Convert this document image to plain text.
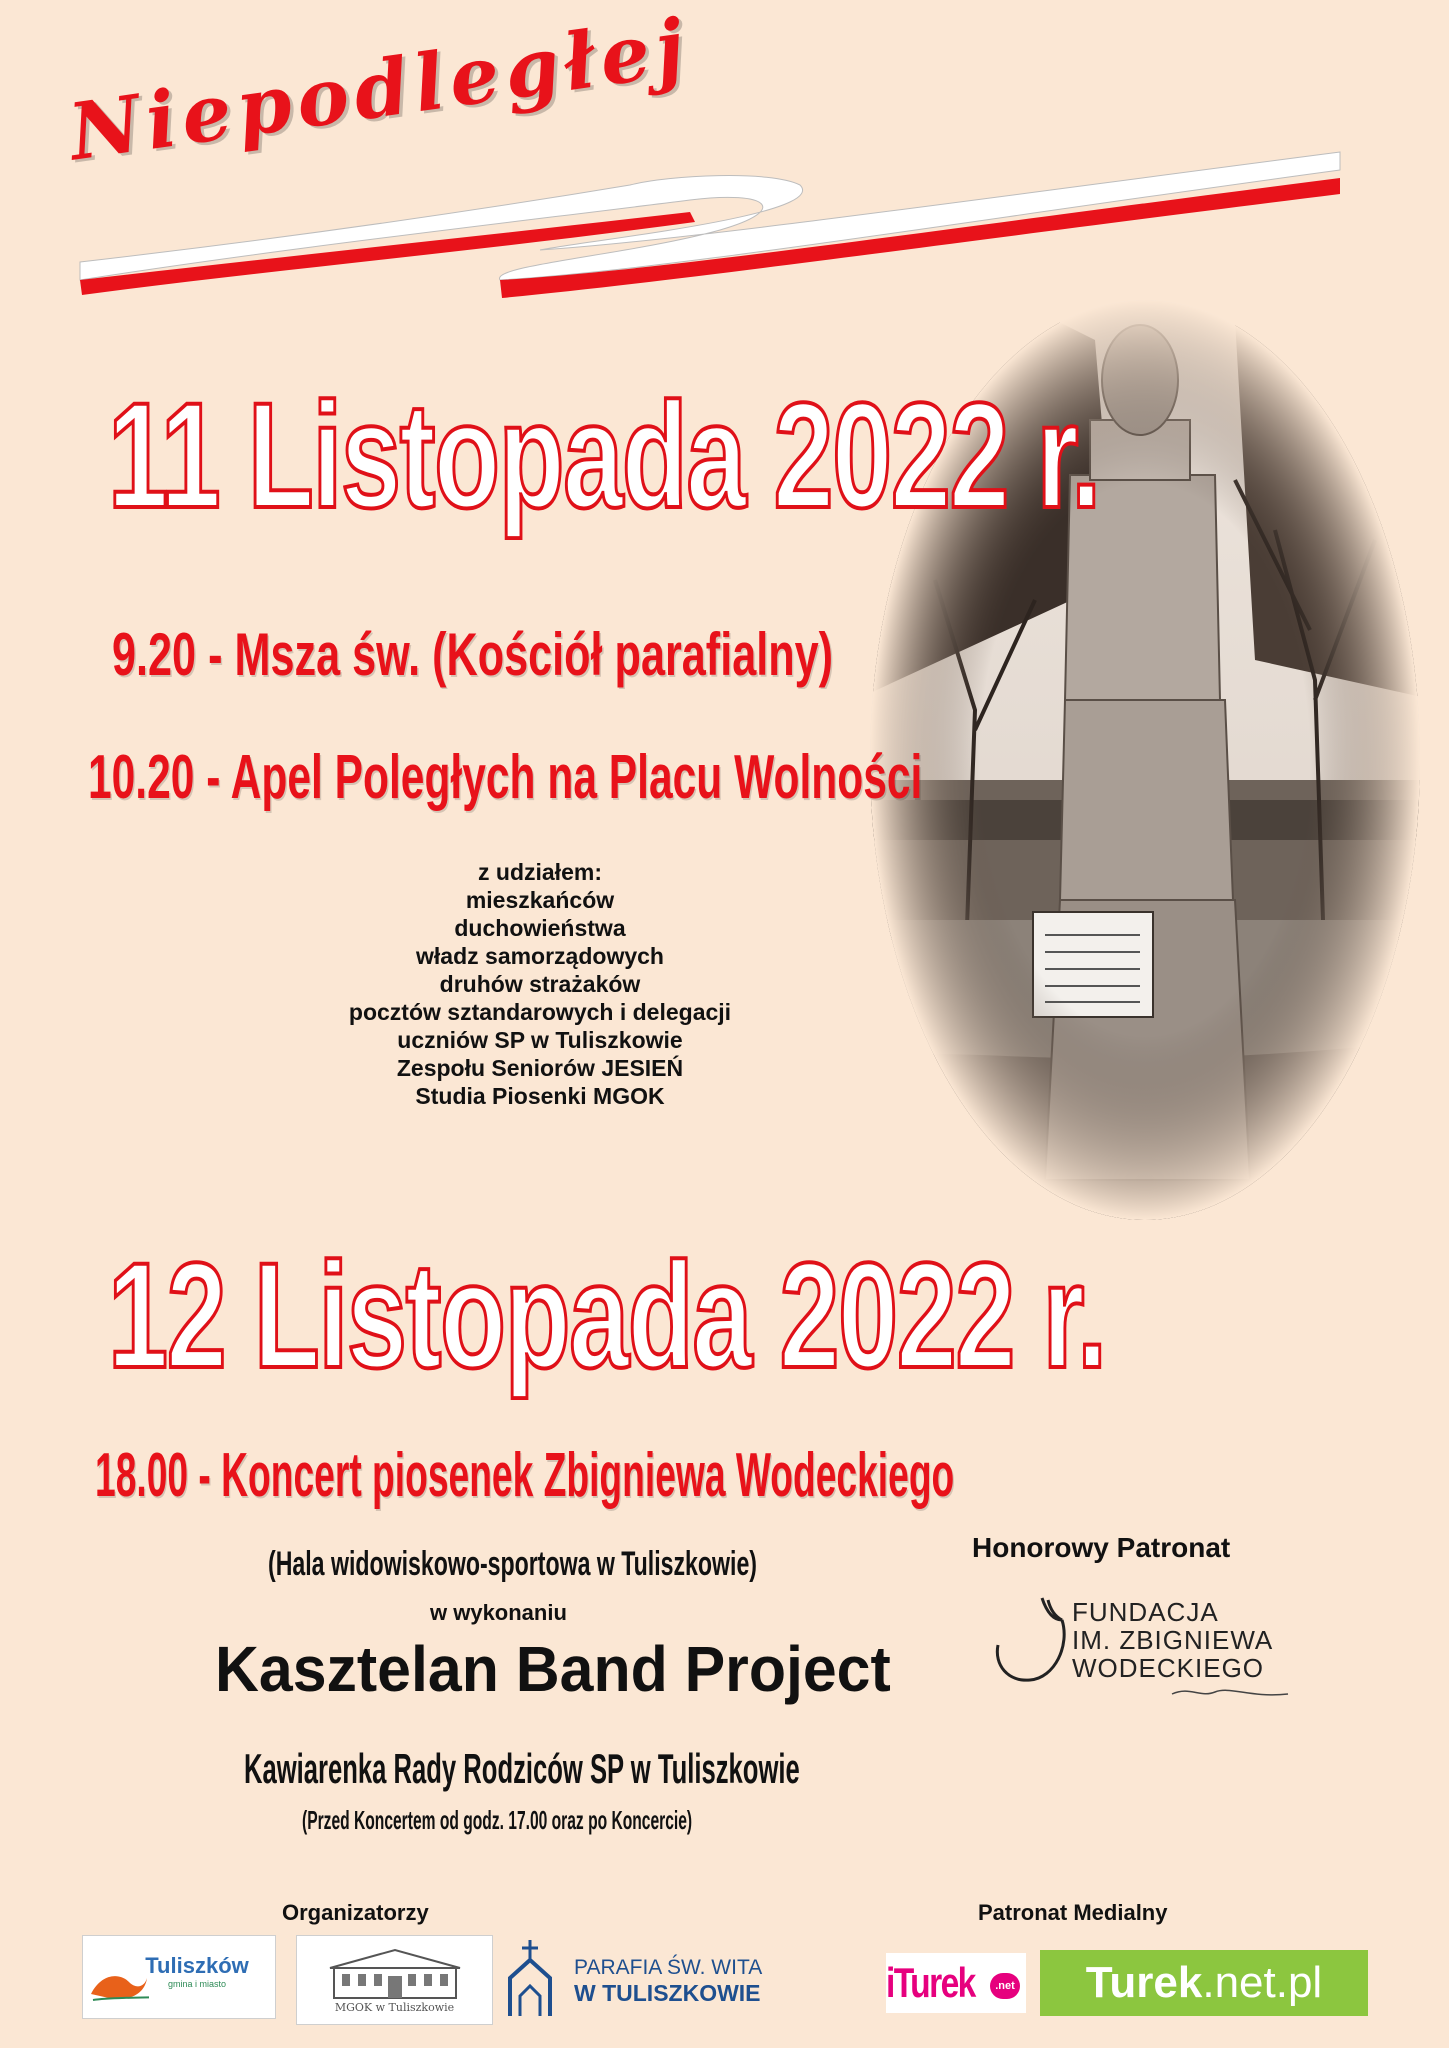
Niepodległej
11 Listopada 2022 r.
9.20 - Msza św. (Kościół parafialny)
10.20 - Apel Poległych na Placu Wolności
z udziałem:
mieszkańców
duchowieństwa
władz samorządowych
druhów strażaków
pocztów sztandarowych i delegacji
uczniów SP w Tuliszkowie
Zespołu Seniorów JESIEŃ
Studia Piosenki MGOK
12 Listopada 2022 r.
18.00 - Koncert piosenek Zbigniewa Wodeckiego
(Hala widowiskowo-sportowa w Tuliszkowie)
w wykonaniu
Kasztelan Band Project
Kawiarenka Rady Rodziców SP w Tuliszkowie
(Przed Koncertem od godz. 17.00 oraz po Koncercie)
Honorowy Patronat
FUNDACJA
IM. ZBIGNIEWA
WODECKIEGO
Organizatorzy
Tuliszków
gmina i miasto
MGOK w Tuliszkowie
PARAFIA ŚW. WITA
W TULISZKOWIE
Patronat Medialny
iTurek	.net Turek .net.pl
